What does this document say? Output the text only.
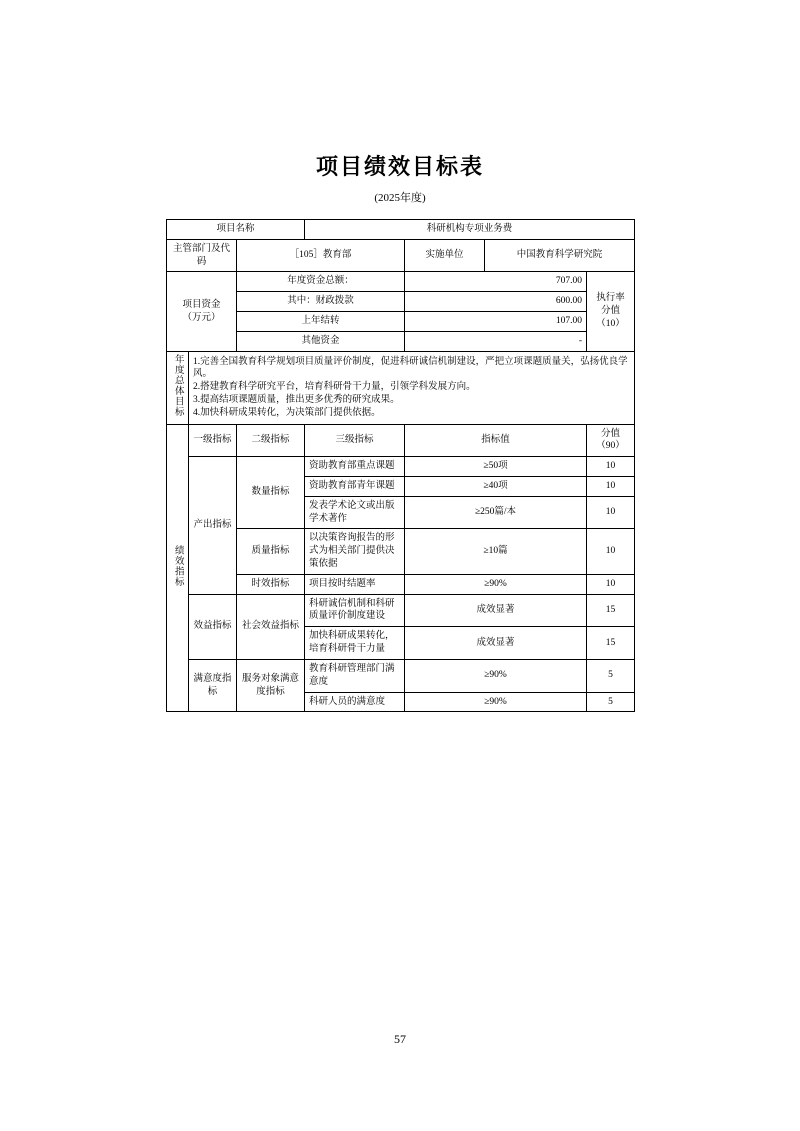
项目绩效目标表
(2025年度)
项目名称			科研机构专项业务费			
主管部门及代码		［105］教育部		实施单位	中国教育科学研究院	

项目资金
（万元）
	年度资金总额：	707.00	
执行率
分值
（10）

		其中：财政拨款		600.00		
		上年结转		107.00		
		其他资金		-		
年度总体目标	1.完善全国教育科学规划项目质量评价制度，促进科研诚信机制建设，严把立项课题质量关，弘扬优良学风。
2.搭建教育科学研究平台，培育科研骨干力量，引领学科发展方向。
3.提高结项课题质量，推出更多优秀的研究成果。
4.加快科研成果转化，为决策部门提供依据。					

绩效指标	一级指标	二级指标	三级指标	指标值		分值
（90）

	产出指标	数量指标	资助教育部重点课题	≥50项		10
			资助教育部青年课题	≥40项		10
			发表学术论文或出版学术著作	≥250篇/本		10
		质量指标	以决策咨询报告的形式为相关部门提供决策依据	≥10篇		10
		时效指标	项目按时结题率	≥90%		10
	效益指标	社会效益指标	科研诚信机制和科研质量评价制度建设	成效显著		15
			加快科研成果转化，培育科研骨干力量	成效显著		15
	满意度指标	服务对象满意度指标	教育科研管理部门满意度	≥90%		5
			科研人员的满意度	≥90%		5
57
